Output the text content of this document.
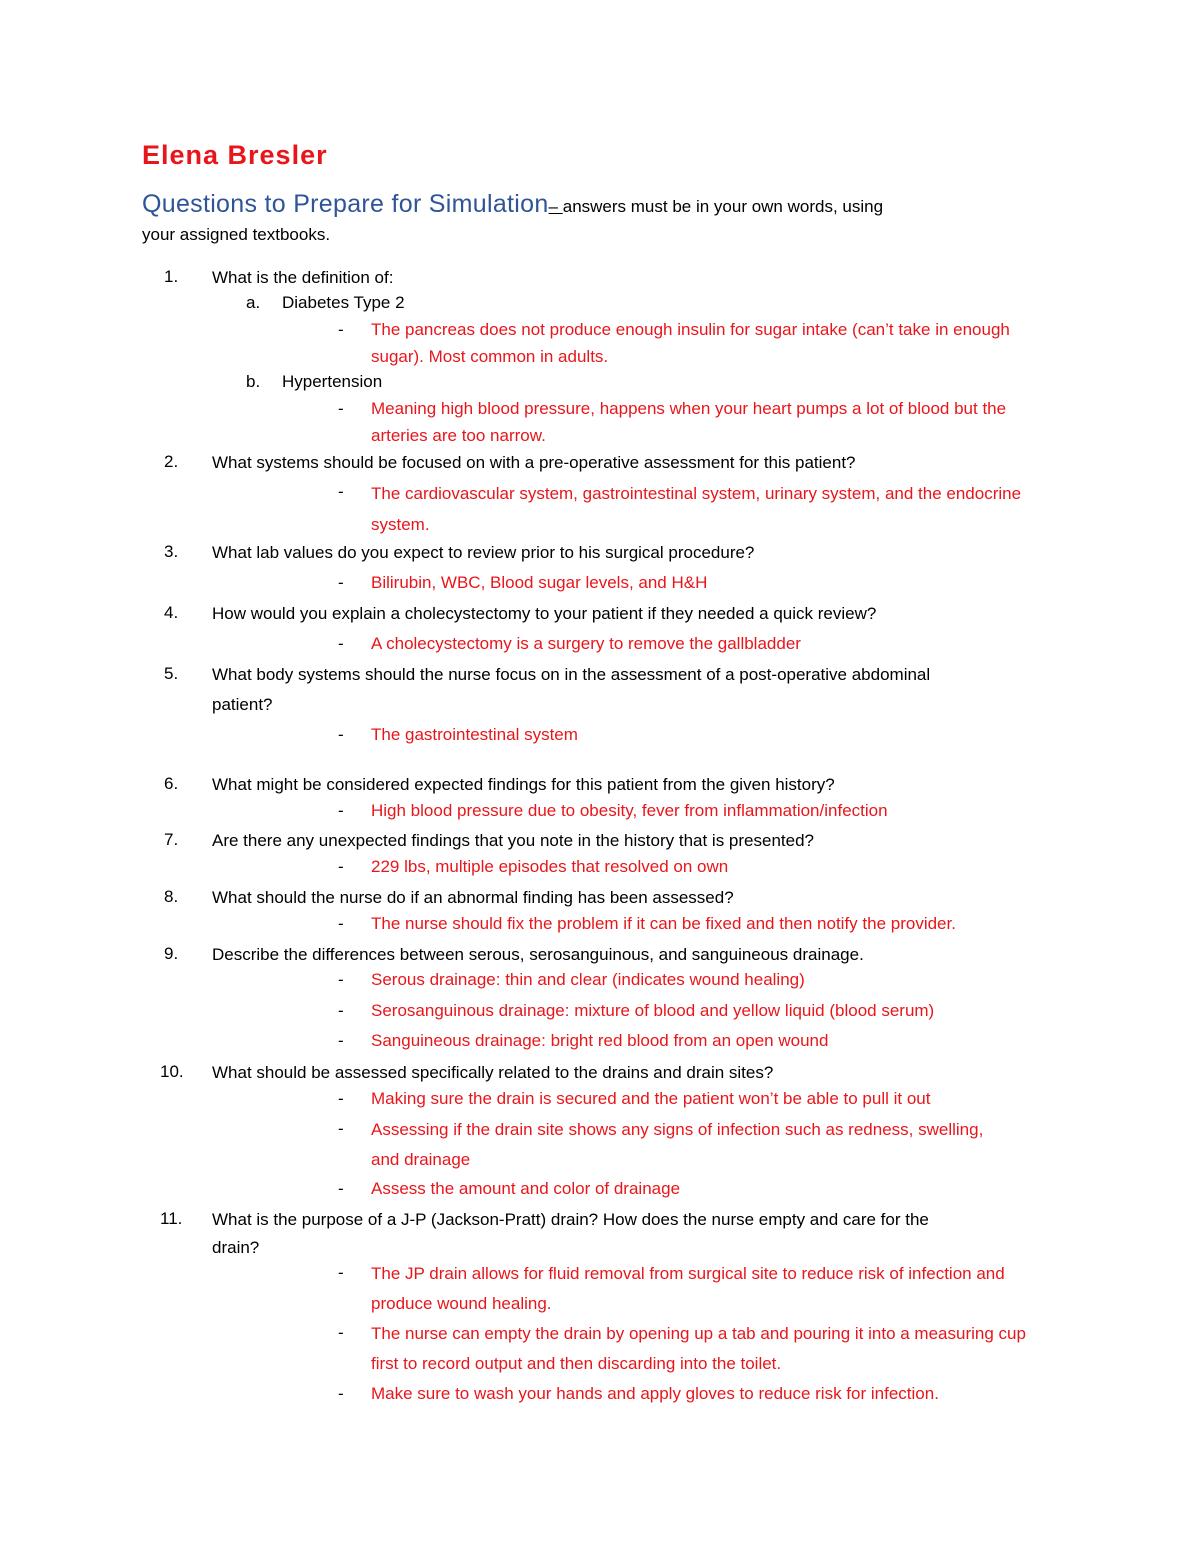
Elena Bresler
Questions to Prepare for Simulation– answers must be in your own words, using
your assigned textbooks.
1.	What is the definition of:
a. Diabetes Type 2
- The pancreas does not produce enough insulin for sugar intake (can’t take in enough sugar). Most common in adults.
b. Hypertension
- Meaning high blood pressure, happens when your heart pumps a lot of blood but the arteries are too narrow.
2.	What systems should be focused on with a pre-operative assessment for this patient?
- The cardiovascular system, gastrointestinal system, urinary system, and the endocrine system.
3.	What lab values do you expect to review prior to his surgical procedure?
- Bilirubin, WBC, Blood sugar levels, and H&H
4.	How would you explain a cholecystectomy to your patient if they needed a quick review?
- A cholecystectomy is a surgery to remove the gallbladder
5.	What body systems should the nurse focus on in the assessment of a post-operative abdominal
patient?
- The gastrointestinal system
6.	What might be considered expected findings for this patient from the given history?
- High blood pressure due to obesity, fever from inflammation/infection
7.	Are there any unexpected findings that you note in the history that is presented?
- 229 lbs, multiple episodes that resolved on own
8.	What should the nurse do if an abnormal finding has been assessed?
- The nurse should fix the problem if it can be fixed and then notify the provider.
9.	Describe the differences between serous, serosanguinous, and sanguineous drainage.
- Serous drainage: thin and clear (indicates wound healing)
- Serosanguinous drainage: mixture of blood and yellow liquid (blood serum)
- Sanguineous drainage: bright red blood from an open wound
10.	What should be assessed specifically related to the drains and drain sites?
- Making sure the drain is secured and the patient won’t be able to pull it out
- Assessing if the drain site shows any signs of infection such as redness, swelling, and drainage
- Assess the amount and color of drainage
11.	What is the purpose of a J-P (Jackson-Pratt) drain? How does the nurse empty and care for the
drain?
- The JP drain allows for fluid removal from surgical site to reduce risk of infection and produce wound healing.
- The nurse can empty the drain by opening up a tab and pouring it into a measuring cup first to record output and then discarding into the toilet.
- Make sure to wash your hands and apply gloves to reduce risk for infection.
